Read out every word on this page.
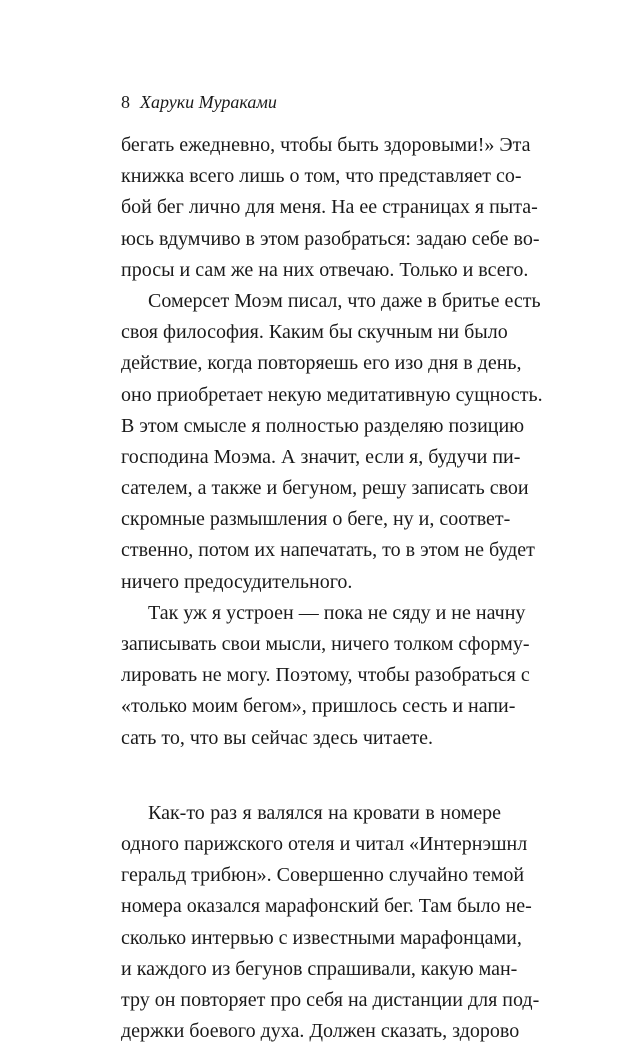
8 Харуки Мураками
бегать ежедневно, чтобы быть здоровыми!» Эта
книжка всего лишь о том, что представляет со-
бой бег лично для меня. На ее страницах я пыта-
юсь вдумчиво в этом разобраться: задаю себе во-
просы и сам же на них отвечаю. Только и всего.
Сомерсет Моэм писал, что даже в бритье есть
своя философия. Каким бы скучным ни было
действие, когда повторяешь его изо дня в день,
оно приобретает некую медитативную сущность.
В этом смысле я полностью разделяю позицию
господина Моэма. А значит, если я, будучи пи-
сателем, а также и бегуном, решу записать свои
скромные размышления о беге, ну и, соответ-
ственно, потом их напечатать, то в этом не будет
ничего предосудительного.
Так уж я устроен — пока не сяду и не начну
записывать свои мысли, ничего толком сформу-
лировать не могу. Поэтому, чтобы разобраться с
«только моим бегом», пришлось сесть и напи-
сать то, что вы сейчас здесь читаете.
Как-то раз я валялся на кровати в номере
одного парижского отеля и читал «Интернэшнл
геральд трибюн». Совершенно случайно темой
номера оказался марафонский бег. Там было не-
сколько интервью с известными марафонцами,
и каждого из бегунов спрашивали, какую ман-
тру он повторяет про себя на дистанции для под-
держки боевого духа. Должен сказать, здорово
